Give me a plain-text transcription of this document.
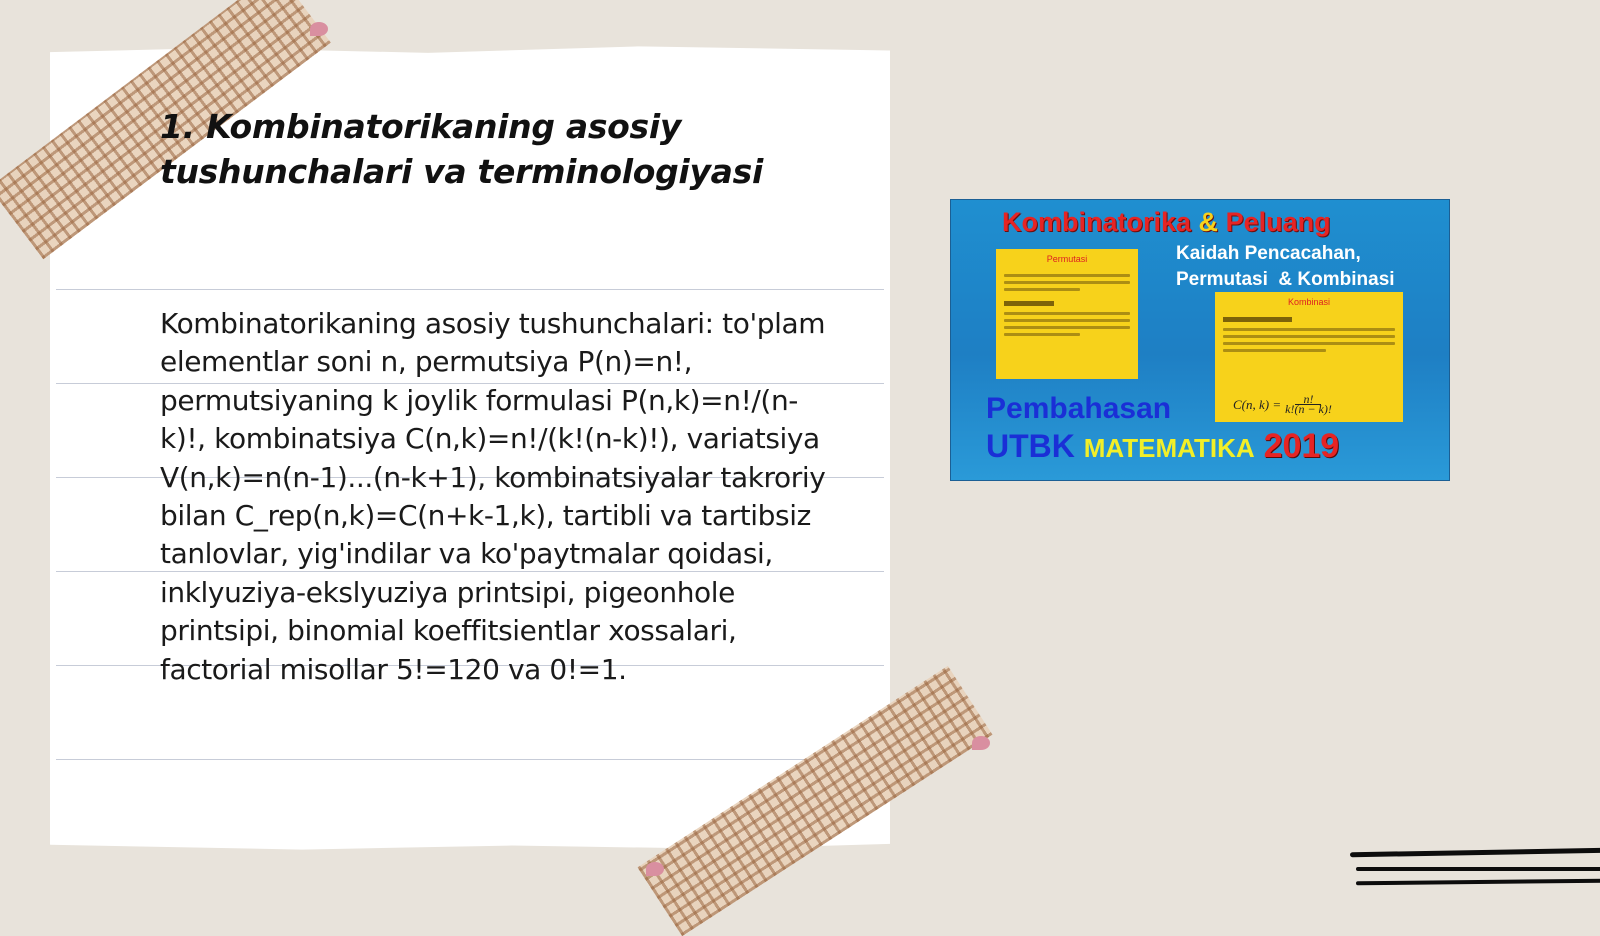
1. Kombinatorikaning asosiy tushunchalari va terminologiyasi

Kombinatorikaning asosiy tushunchalari: to'plam elementlar soni n, permutsiya P(n)=n!, permutsiyaning k joylik formulasi P(n,k)=n!/(n-k)!, kombinatsiya C(n,k)=n!/(k!(n-k)!), variatsiya V(n,k)=n(n-1)...(n-k+1), kombinatsiyalar takroriy bilan C_rep(n,k)=C(n+k-1,k), tartibli va tartibsiz tanlovlar, yig'indilar va ko'paytmalar qoidasi, inklyuziya-ekslyuziya printsipi, pigeonhole printsipi, binomial koeffitsientlar xossalari, factorial misollar 5!=120 va 0!=1.

Kombinatorika & Peluang
Kaidah Pencacahan,
Permutasi  & Kombinasi
Permutasi
Kombinasi
C(n, $k) = \frac{n!}{k!(n - k)!}$
Pembahasan
UTBK MATEMATIKA 2019
